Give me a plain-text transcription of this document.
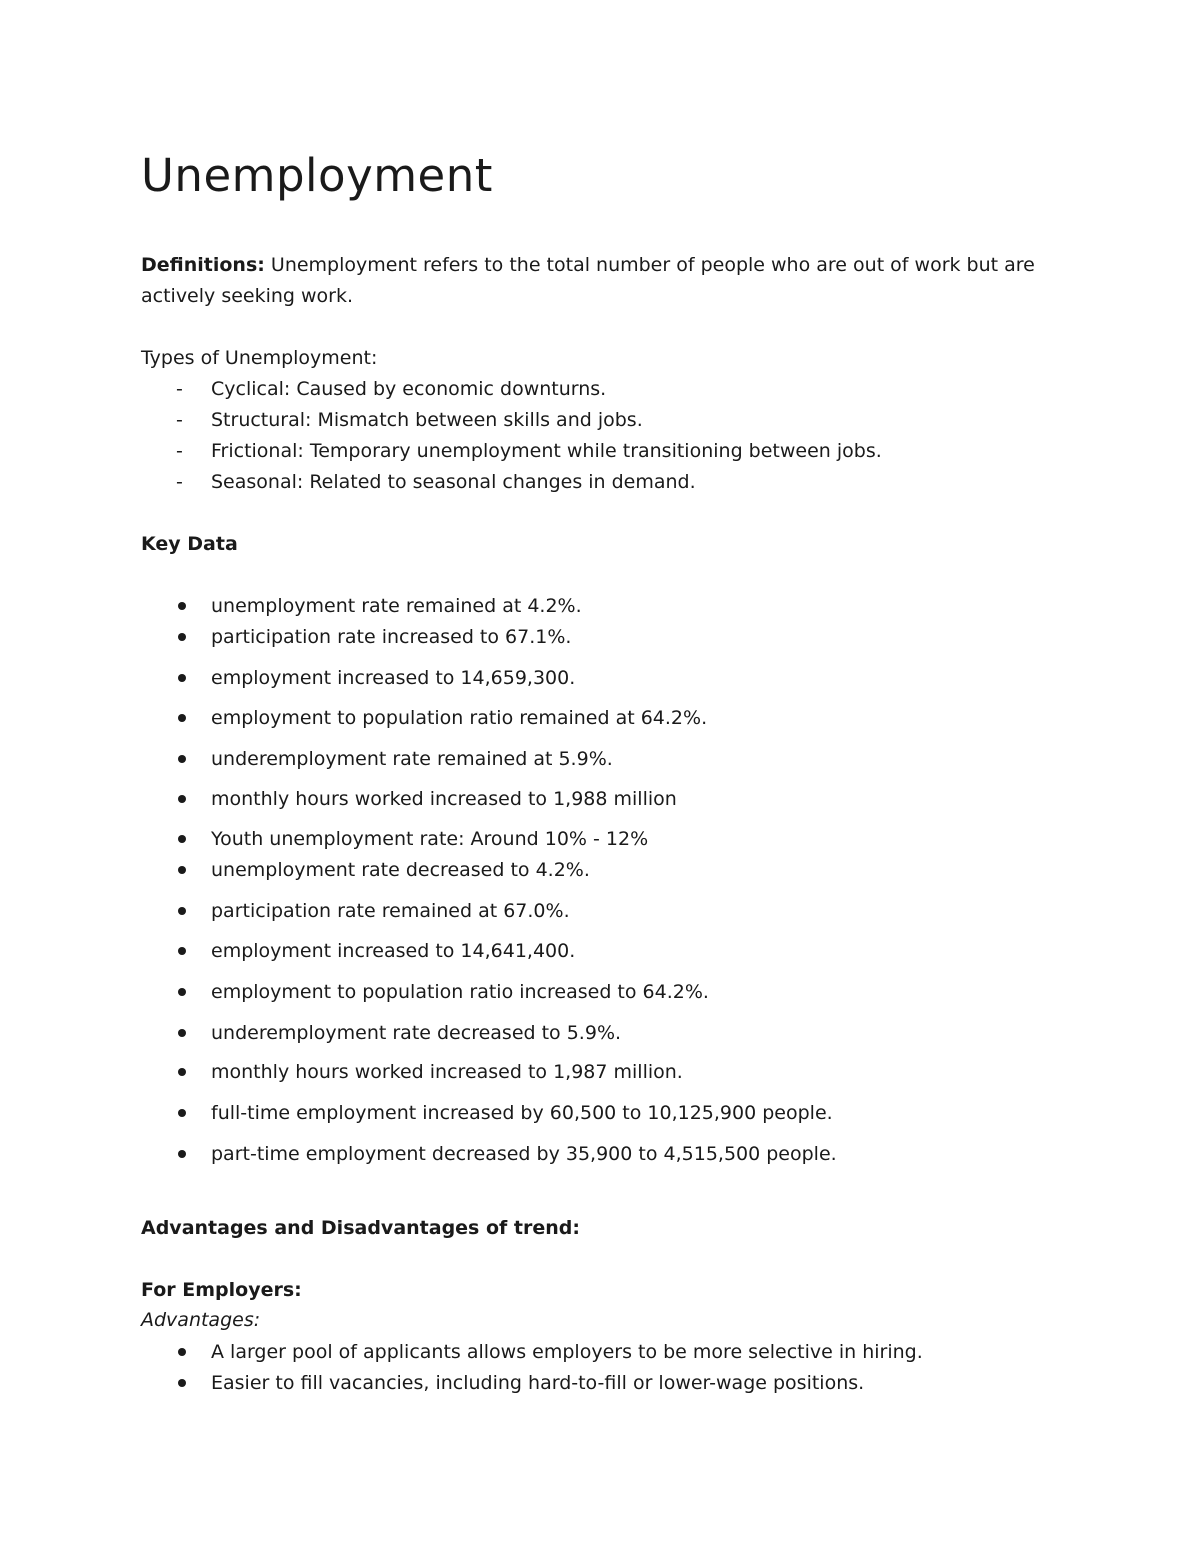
Unemployment

Definitions: Unemployment refers to the total number of people who are out of work but are actively seeking work.

Types of Unemployment:
- Cyclical: Caused by economic downturns.
- Structural: Mismatch between skills and jobs.
- Frictional: Temporary unemployment while transitioning between jobs.
- Seasonal: Related to seasonal changes in demand.
Key Data
unemployment rate remained at 4.2%.
participation rate increased to 67.1%.
employment increased to 14,659,300.
employment to population ratio remained at 64.2%.
underemployment rate remained at 5.9%.
monthly hours worked increased to 1,988 million
Youth unemployment rate: Around 10% - 12%
unemployment rate decreased to 4.2%.
participation rate remained at 67.0%.
employment increased to 14,641,400.
employment to population ratio increased to 64.2%.
underemployment rate decreased to 5.9%.
monthly hours worked increased to 1,987 million.
full-time employment increased by 60,500 to 10,125,900 people.
part-time employment decreased by 35,900 to 4,515,500 people.
Advantages and Disadvantages of trend:
For Employers:
Advantages:
A larger pool of applicants allows employers to be more selective in hiring.
Easier to fill vacancies, including hard-to-fill or lower-wage positions.
